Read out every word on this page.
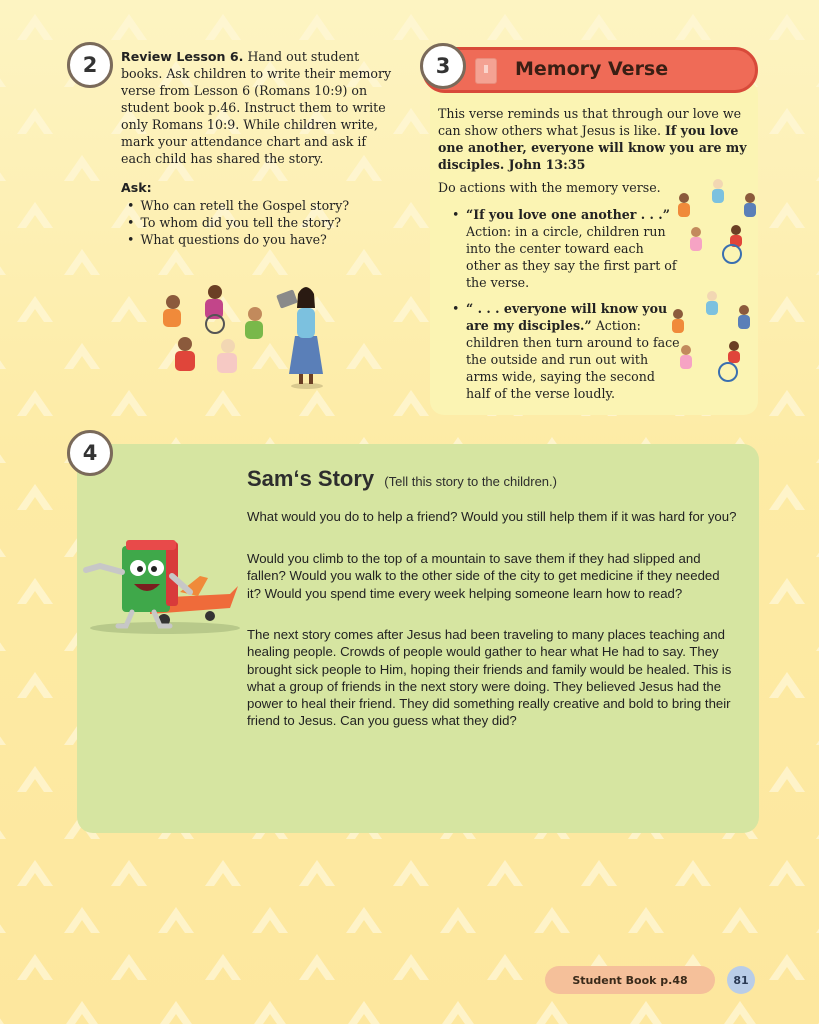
2 Review Lesson 6. Hand out student books. Ask children to write their memory verse from Lesson 6 (Romans 10:9) on student book p.46. Instruct them to write only Romans 10:9. While children write, mark your attendance chart and ask if each child has shared the story.
Ask:
• Who can retell the Gospel story?
• To whom did you tell the story?
• What questions do you have?
Memory Verse
3
This verse reminds us that through our love we can show others what Jesus is like. If you love one another, everyone will know you are my disciples. John 13:35
Do actions with the memory verse.
• “If you love one another . . .”
Action: in a circle, children run into the center toward each other as they say the first part of the verse.
• “ . . . everyone will know you are my disciples.” Action: children then turn around to face the outside and run out with arms wide, saying the second half of the verse loudly.
4
Sam‘s Story (Tell this story to the children.)
What would you do to help a friend? Would you still help them if it was hard for you?
Would you climb to the top of a mountain to save them if they had slipped and fallen? Would you walk to the other side of the city to get medicine if they needed it? Would you spend time every week helping someone learn how to read?
The next story comes after Jesus had been traveling to many places teaching and healing people. Crowds of people would gather to hear what He had to say. They brought sick people to Him, hoping their friends and family would be healed. This is what a group of friends in the next story were doing. They believed Jesus had the power to heal their friend. They did something really creative and bold to bring their friend to Jesus. Can you guess what they did?
Student Book p.48	81
